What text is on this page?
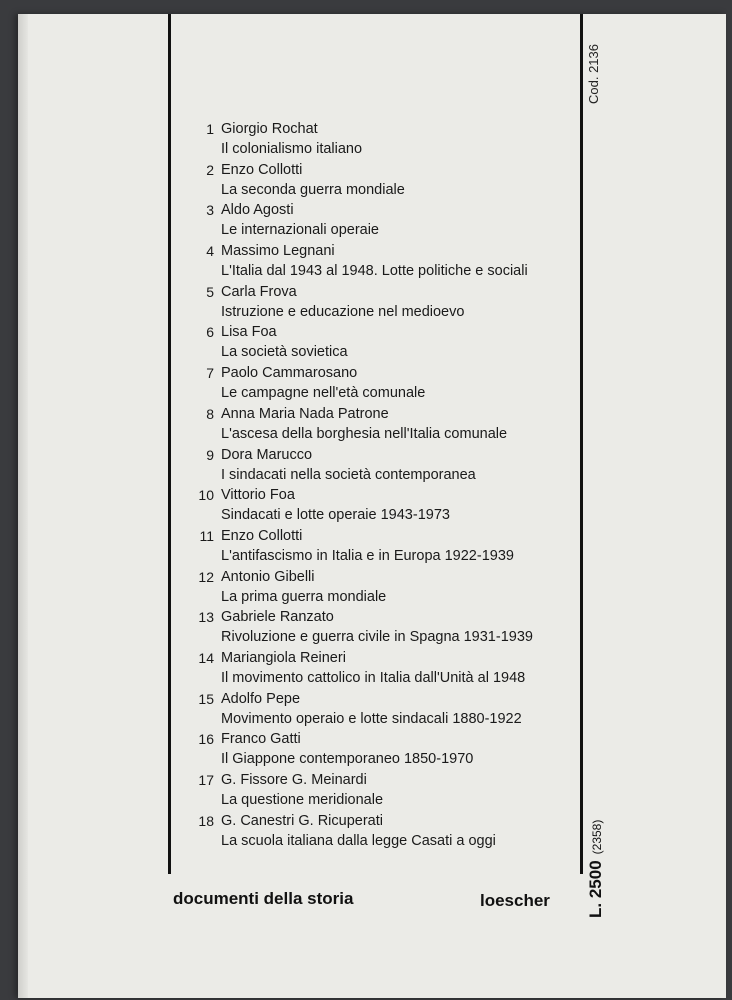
Cod. 2136
L. 2500(2358)
1 Giorgio Rochat
Il colonialismo italiano
2 Enzo Collotti
La seconda guerra mondiale
3 Aldo Agosti
Le internazionali operaie
4 Massimo Legnani
L'Italia dal 1943 al 1948. Lotte politiche e sociali
5 Carla Frova
Istruzione e educazione nel medioevo
6 Lisa Foa
La società sovietica
7 Paolo Cammarosano
Le campagne nell'età comunale
8 Anna Maria Nada Patrone
L'ascesa della borghesia nell'Italia comunale
9 Dora Marucco
I sindacati nella società contemporanea
10 Vittorio Foa
Sindacati e lotte operaie 1943-1973
11 Enzo Collotti
L'antifascismo in Italia e in Europa 1922-1939
12 Antonio Gibelli
La prima guerra mondiale
13 Gabriele Ranzato
Rivoluzione e guerra civile in Spagna 1931-1939
14 Mariangiola Reineri
Il movimento cattolico in Italia dall'Unità al 1948
15 Adolfo Pepe
Movimento operaio e lotte sindacali 1880-1922
16 Franco Gatti
Il Giappone contemporaneo 1850-1970
17 G. Fissore G. Meinardi
La questione meridionale
18 G. Canestri G. Ricuperati
La scuola italiana dalla legge Casati a oggi
documenti della storia	loescher
